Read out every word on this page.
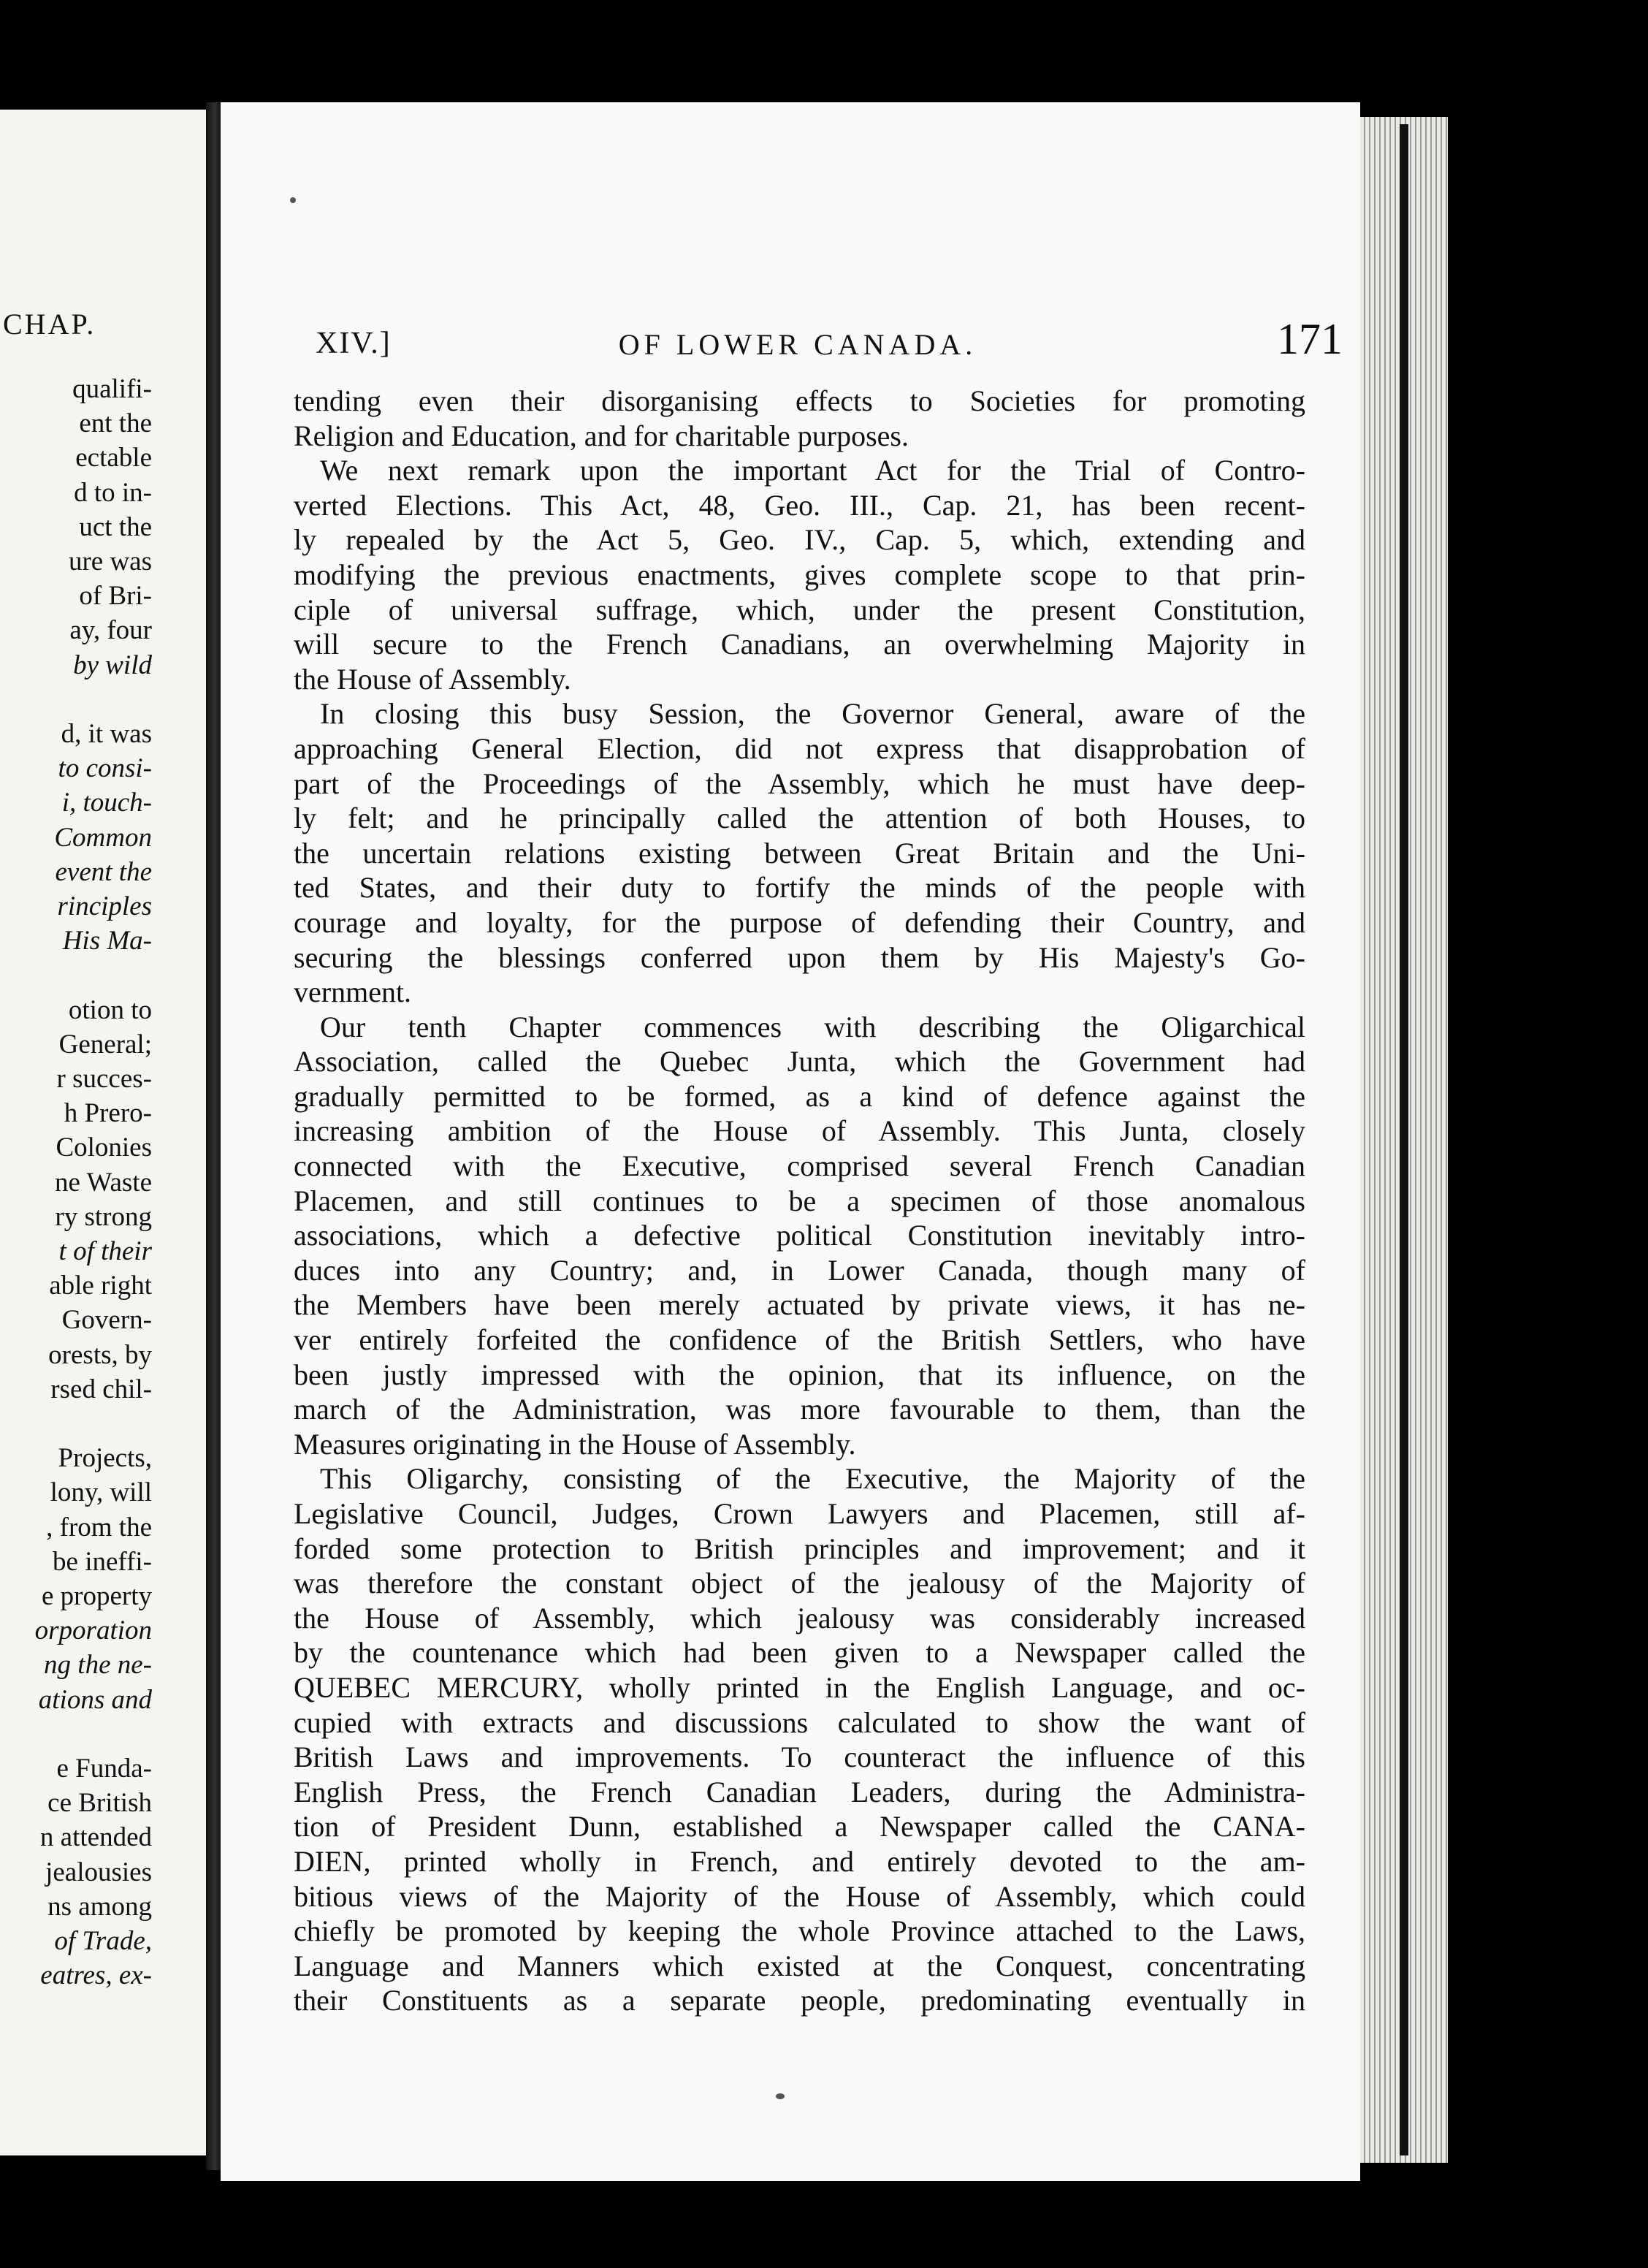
CHAP.
qualifi-
ent the
ectable
d to in-
uct the
ure was
of Bri-
ay, four
by wild
d, it was
to consi-
i, touch-
Common
event the
rinciples
His Ma-
otion to
General;
r succes-
h Prero-
Colonies
ne Waste
ry strong
t of their
able right
Govern-
orests, by
rsed chil-
Projects,
lony, will
, from the
be ineffi-
e property
orporation
ng the ne-
ations and
e Funda-
ce British
n attended
jealousies
ns among
of Trade,
eatres, ex-
XIV.]	OF LOWER CANADA.	171
tending even their disorganising effects to Societies for promoting
Religion and Education, and for charitable purposes.
We next remark upon the important Act for the Trial of Contro-
verted Elections. This Act, 48, Geo. III., Cap. 21, has been recent-
ly repealed by the Act 5, Geo. IV., Cap. 5, which, extending and
modifying the previous enactments, gives complete scope to that prin-
ciple of universal suffrage, which, under the present Constitution,
will secure to the French Canadians, an overwhelming Majority in
the House of Assembly.
In closing this busy Session, the Governor General, aware of the
approaching General Election, did not express that disapprobation of
part of the Proceedings of the Assembly, which he must have deep-
ly felt; and he principally called the attention of both Houses, to
the uncertain relations existing between Great Britain and the Uni-
ted States, and their duty to fortify the minds of the people with
courage and loyalty, for the purpose of defending their Country, and
securing the blessings conferred upon them by His Majesty's Go-
vernment.
Our tenth Chapter commences with describing the Oligarchical
Association, called the Quebec Junta, which the Government had
gradually permitted to be formed, as a kind of defence against the
increasing ambition of the House of Assembly. This Junta, closely
connected with the Executive, comprised several French Canadian
Placemen, and still continues to be a specimen of those anomalous
associations, which a defective political Constitution inevitably intro-
duces into any Country; and, in Lower Canada, though many of
the Members have been merely actuated by private views, it has ne-
ver entirely forfeited the confidence of the British Settlers, who have
been justly impressed with the opinion, that its influence, on the
march of the Administration, was more favourable to them, than the
Measures originating in the House of Assembly.
This Oligarchy, consisting of the Executive, the Majority of the
Legislative Council, Judges, Crown Lawyers and Placemen, still af-
forded some protection to British principles and improvement; and it
was therefore the constant object of the jealousy of the Majority of
the House of Assembly, which jealousy was considerably increased
by the countenance which had been given to a Newspaper called the
QUEBEC MERCURY, wholly printed in the English Language, and oc-
cupied with extracts and discussions calculated to show the want of
British Laws and improvements. To counteract the influence of this
English Press, the French Canadian Leaders, during the Administra-
tion of President Dunn, established a Newspaper called the CANA-
DIEN, printed wholly in French, and entirely devoted to the am-
bitious views of the Majority of the House of Assembly, which could
chiefly be promoted by keeping the whole Province attached to the Laws,
Language and Manners which existed at the Conquest, concentrating
their Constituents as a separate people, predominating eventually in
